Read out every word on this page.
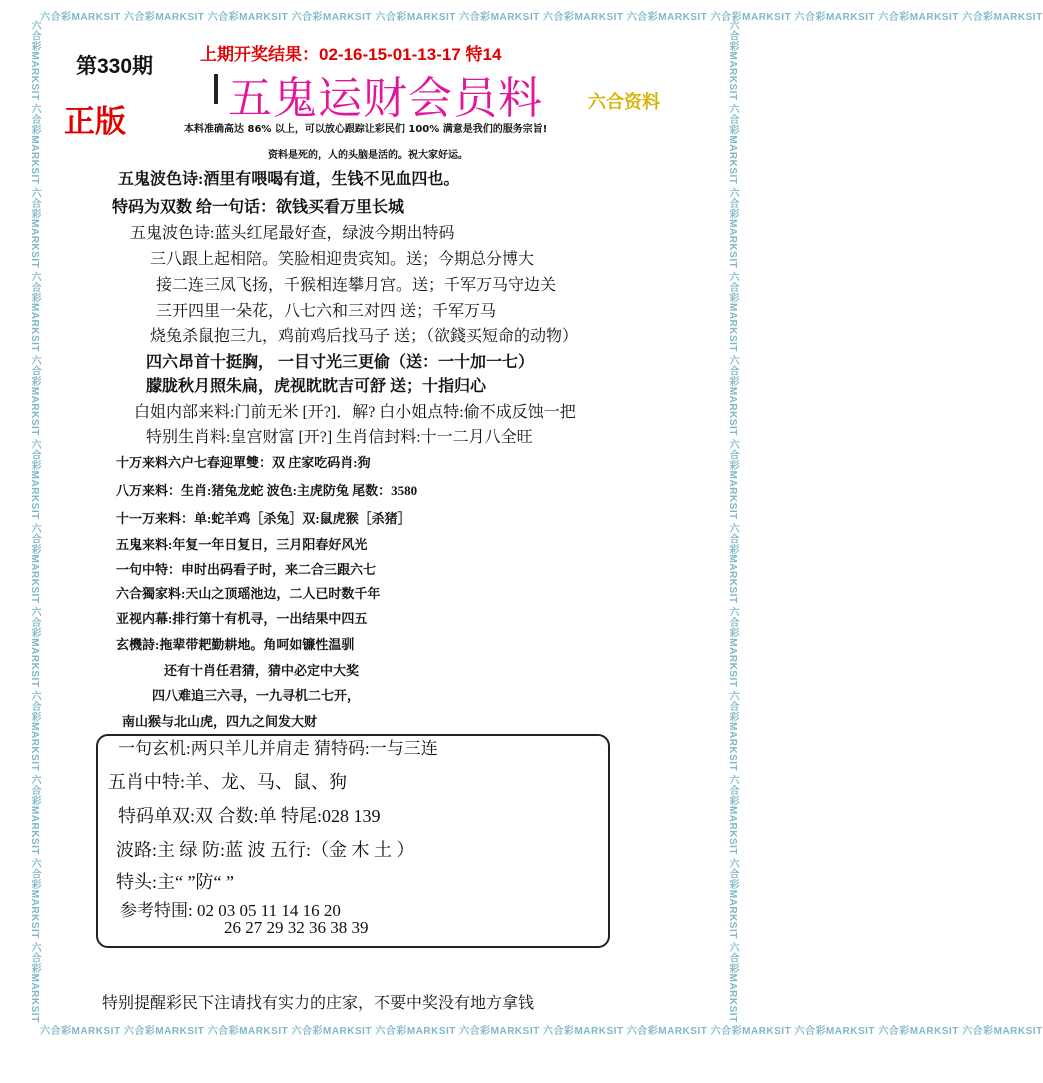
六合彩MARKSIT 六合彩MARKSIT 六合彩MARKSIT 六合彩MARKSIT 六合彩MARKSIT 六合彩MARKSIT 六合彩MARKSIT 六合彩MARKSIT 六合彩MARKSIT 六合彩MARKSIT 六合彩MARKSIT 六合彩MARKSIT
六合彩MARKSIT 六合彩MARKSIT 六合彩MARKSIT 六合彩MARKSIT 六合彩MARKSIT 六合彩MARKSIT 六合彩MARKSIT 六合彩MARKSIT 六合彩MARKSIT 六合彩MARKSIT 六合彩MARKSIT 六合彩MARKSIT
六合彩MARKSIT 六合彩MARKSIT 六合彩MARKSIT 六合彩MARKSIT 六合彩MARKSIT 六合彩MARKSIT 六合彩MARKSIT 六合彩MARKSIT 六合彩MARKSIT 六合彩MARKSIT 六合彩MARKSIT 六合彩MARKSIT	六合彩MARKSIT 六合彩MARKSIT 六合彩MARKSIT 六合彩MARKSIT 六合彩MARKSIT 六合彩MARKSIT 六合彩MARKSIT 六合彩MARKSIT 六合彩MARKSIT 六合彩MARKSIT 六合彩MARKSIT 六合彩MARKSIT
第330期
上期开奖结果：02-16-15-01-13-17 特14
五鬼运财会员料	六合资料
正版	本料准确高达 86% 以上，可以放心跟踪让彩民们 100% 满意是我们的服务宗旨!
资料是死的，人的头脑是活的。祝大家好运。
五鬼波色诗:酒里有喂喝有道，生钱不见血四也。
特码为双数 给一句话：欲钱买看万里长城
五鬼波色诗:蓝头红尾最好查，绿波今期出特码
三八跟上起相陪。笑脸相迎贵宾知。送；今期总分博大
接二连三凤飞扬，千猴相连攀月宫。送；千军万马守边关
三开四里一朵花，八七六和三对四 送；千军万马
烧兔杀鼠抱三九，鸡前鸡后找马子 送；（欲錢买短命的动物）
四六昂首十挺胸， 一目寸光三更偷（送：一十加一七）
朦胧秋月照朱扁，虎视眈眈吉可舒 送；十指归心
白姐内部来料:门前无米 [开?]．解? 白小姐点特:偷不成反蚀一把
特别生肖料:皇宫财富 [开?] 生肖信封料:十一二月八全旺
十万来料六户七春迎單雙：双 庄家吃码肖:狗
八万来料：生肖:猪兔龙蛇 波色:主虎防兔 尾数：3580
十一万来料：单:蛇羊鸡［杀兔］双:鼠虎猴［杀猪］
五鬼来料:年复一年日复日，三月阳春好风光
一句中特：申时出码看子时，来二合三跟六七
六合獨家料:天山之顶瑶池边，二人已时数千年
亚视内幕:排行第十有机寻，一出结果中四五
玄機詩:拖辈带耙勤耕地。角呵如镰性温驯
还有十肖任君猜，猜中必定中大奖
四八难追三六寻，一九寻机二七开，
南山猴与北山虎，四九之间发大财
一句玄机:两只羊儿并肩走 猜特码:一与三连
五肖中特:羊、龙、马、鼠、狗
特码单双:双 合数:单 特尾:028 139
波路:主 绿 防:蓝 波 五行:（金 木 土 ）
特头:主“ ”防“ ”
参考特围: 02 03 05 11 14 16 20
26 27 29 32 36 38 39
特别提醒彩民下注请找有实力的庄家，不要中奖没有地方拿钱
